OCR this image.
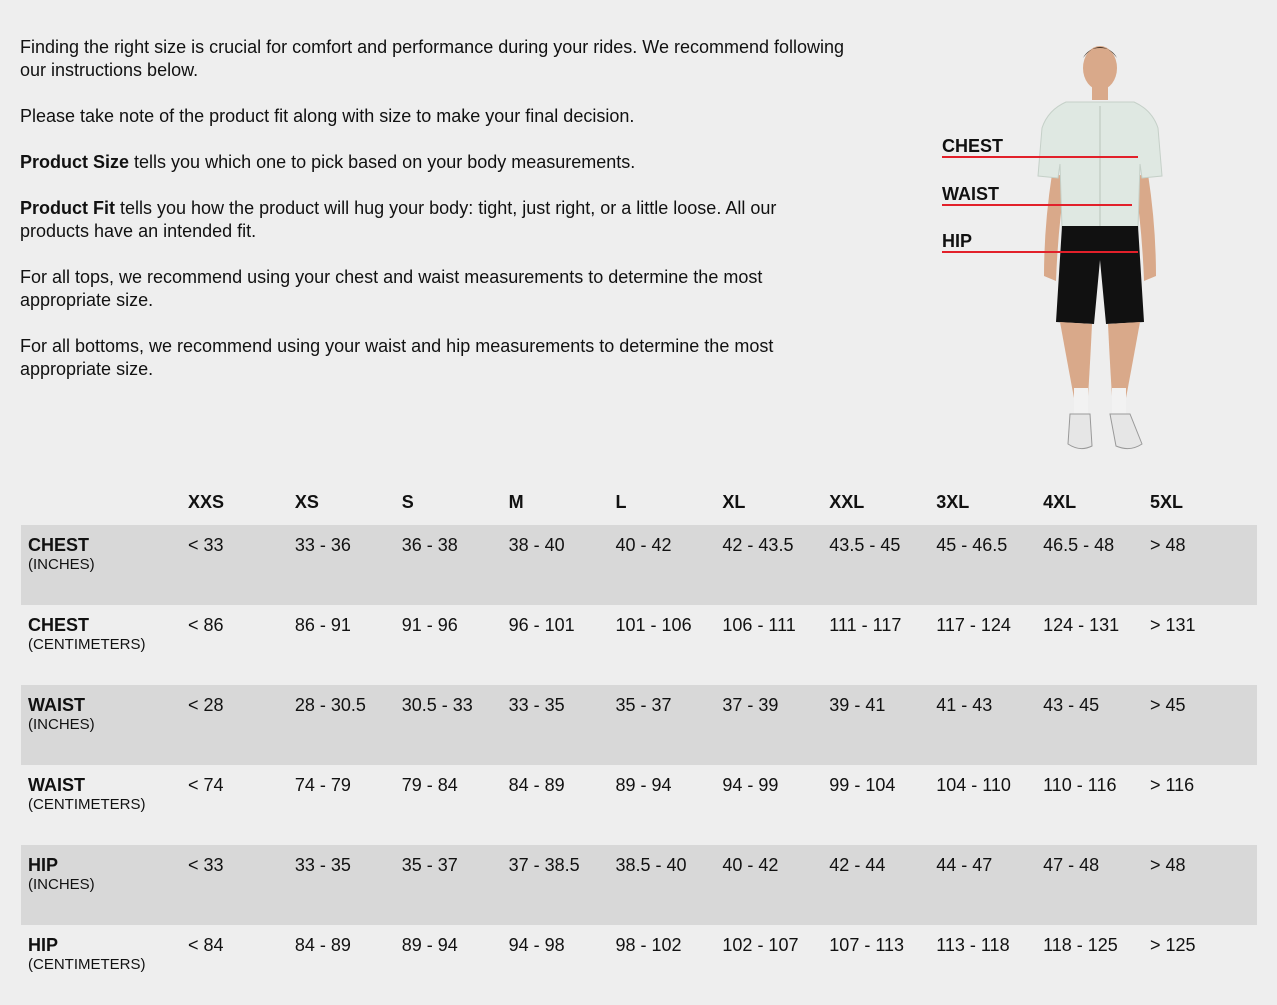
Finding the right size is crucial for comfort and performance during your rides. We recommend following our instructions below.

Please take note of the product fit along with size to make your final decision.

Product Size tells you which one to pick based on your body measurements.

Product Fit tells you how the product will hug your body: tight, just right, or a little loose. All our products have an intended fit.

For all tops, we recommend using your chest and waist measurements to determine the most appropriate size.

For all bottoms, we recommend using your waist and hip measurements to determine the most appropriate size.

CHEST
WAIST
HIP
	XXS	XS	S	M	L	XL	XXL	3XL	4XL	5XL

CHEST
(INCHES)	< 33	33 - 36	36 - 38	38 - 40	40 - 42	42 - 43.5	43.5 - 45	45 - 46.5	46.5 - 48	> 48

CHEST
(CENTIMETERS)	< 86	86 - 91	91 - 96	96 - 101	101 - 106	106 - 111	111 - 117	117 - 124	124 - 131	> 131

WAIST
(INCHES)	< 28	28 - 30.5	30.5 - 33	33 - 35	35 - 37	37 - 39	39 - 41	41 - 43	43 - 45	> 45

WAIST
(CENTIMETERS)	< 74	74 - 79	79 - 84	84 - 89	89 - 94	94 - 99	99 - 104	104 - 110	110 - 116	> 116

HIP
(INCHES)	< 33	33 - 35	35 - 37	37 - 38.5	38.5 - 40	40 - 42	42 - 44	44 - 47	47 - 48	> 48

HIP
(CENTIMETERS)	< 84	84 - 89	89 - 94	94 - 98	98 - 102	102 - 107	107 - 113	113 - 118	118 - 125	> 125
